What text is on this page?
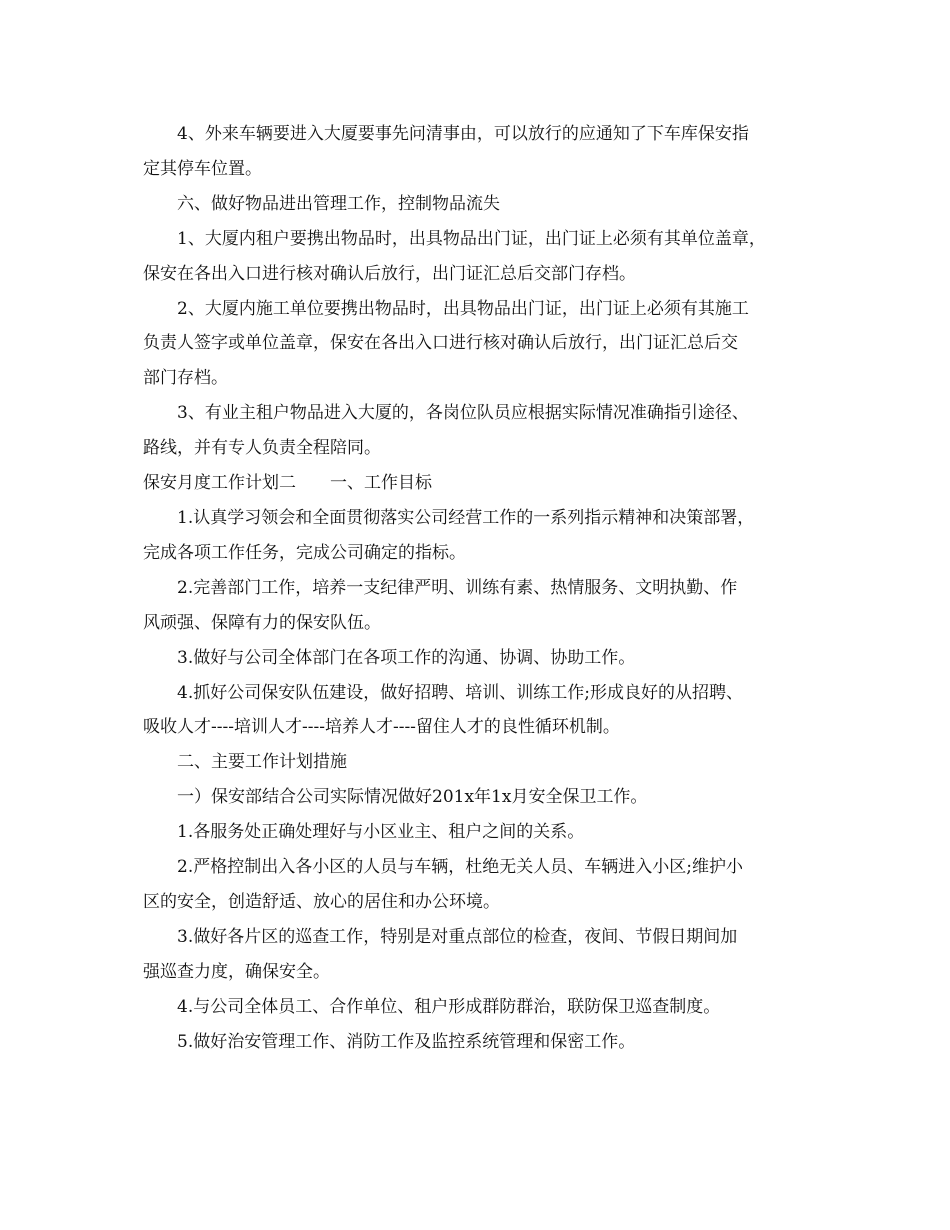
4、外来车辆要进入大厦要事先问清事由，可以放行的应通知了下车库保安指
定其停车位置。
六、做好物品进出管理工作，控制物品流失
1、大厦内租户要携出物品时，出具物品出门证，出门证上必须有其单位盖章，
保安在各出入口进行核对确认后放行，出门证汇总后交部门存档。
2、大厦内施工单位要携出物品时，出具物品出门证，出门证上必须有其施工
负责人签字或单位盖章，保安在各出入口进行核对确认后放行，出门证汇总后交
部门存档。
3、有业主租户物品进入大厦的，各岗位队员应根据实际情况准确指引途径、
路线，并有专人负责全程陪同。
保安月度工作计划二　　一、工作目标
1.认真学习领会和全面贯彻落实公司经营工作的一系列指示精神和决策部署，
完成各项工作任务，完成公司确定的指标。
2.完善部门工作，培养一支纪律严明、训练有素、热情服务、文明执勤、作
风顽强、保障有力的保安队伍。
3.做好与公司全体部门在各项工作的沟通、协调、协助工作。
4.抓好公司保安队伍建设，做好招聘、培训、训练工作;形成良好的从招聘、
吸收人才----培训人才----培养人才----留住人才的良性循环机制。
二、主要工作计划措施
一）保安部结合公司实际情况做好201x年1x月安全保卫工作。
1.各服务处正确处理好与小区业主、租户之间的关系。
2.严格控制出入各小区的人员与车辆，杜绝无关人员、车辆进入小区;维护小
区的安全，创造舒适、放心的居住和办公环境。
3.做好各片区的巡查工作，特别是对重点部位的检查，夜间、节假日期间加
强巡查力度，确保安全。
4.与公司全体员工、合作单位、租户形成群防群治，联防保卫巡查制度。
5.做好治安管理工作、消防工作及监控系统管理和保密工作。
